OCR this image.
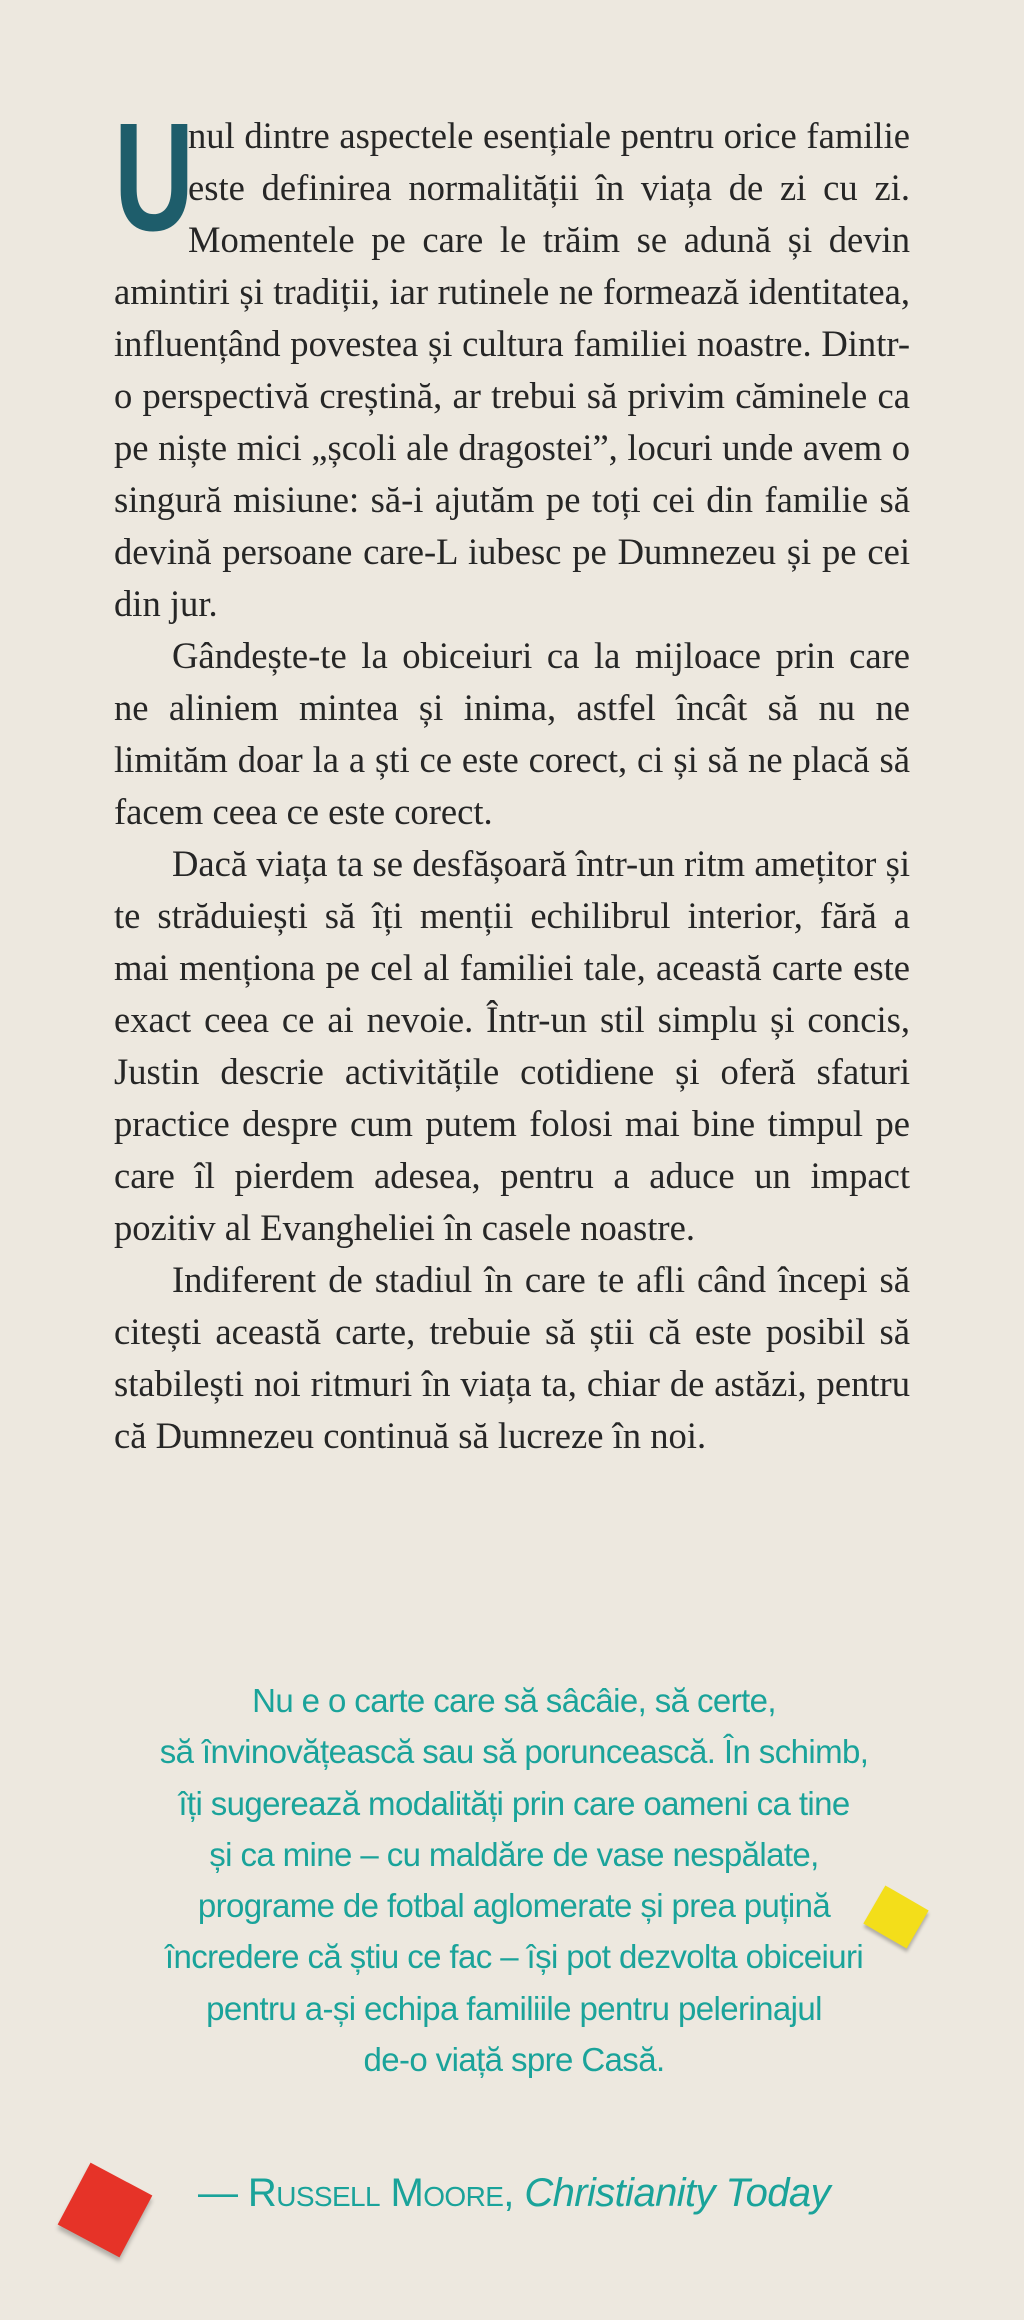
U
nul dintre aspectele esențiale pentru orice familie este definirea normalității în viața de zi cu zi. Momentele pe care le trăim se adună și devin amintiri și tradiții, iar rutinele ne formează identitatea, influențând povestea și cultura familiei noastre. Dintr-o perspectivă creștină, ar trebui să privim căminele ca pe niște mici „școli ale dragostei”, locuri unde avem o singură misiune: să-i ajutăm pe toți cei din familie să devină persoane care-L iubesc pe Dumnezeu și pe cei din jur.

Gândește-te la obiceiuri ca la mijloace prin care ne aliniem mintea și inima, astfel încât să nu ne limităm doar la a ști ce este corect, ci și să ne placă să facem ceea ce este corect.

Dacă viața ta se desfășoară într-un ritm amețitor și te străduiești să îți menții echilibrul interior, fără a mai menționa pe cel al familiei tale, această carte este exact ceea ce ai nevoie. Într-un stil simplu și concis, Justin descrie activitățile cotidiene și oferă sfaturi practice despre cum putem folosi mai bine timpul pe care îl pierdem adesea, pentru a aduce un impact pozitiv al Evangheliei în casele noastre.

Indiferent de stadiul în care te afli când începi să citești această carte, trebuie să știi că este posibil să stabilești noi ritmuri în viața ta, chiar de astăzi, pentru că Dumnezeu continuă să lucreze în noi.

Nu e o carte care să sâcâie, să certe,
să învinovățească sau să poruncească. În schimb,
îți sugerează modalități prin care oameni ca tine
și ca mine – cu maldăre de vase nespălate,
programe de fotbal aglomerate și prea puțină
încredere că știu ce fac – își pot dezvolta obiceiuri
pentru a-și echipa familiile pentru pelerinajul
de-o viață spre Casă.
— Russell Moore, Christianity Today
